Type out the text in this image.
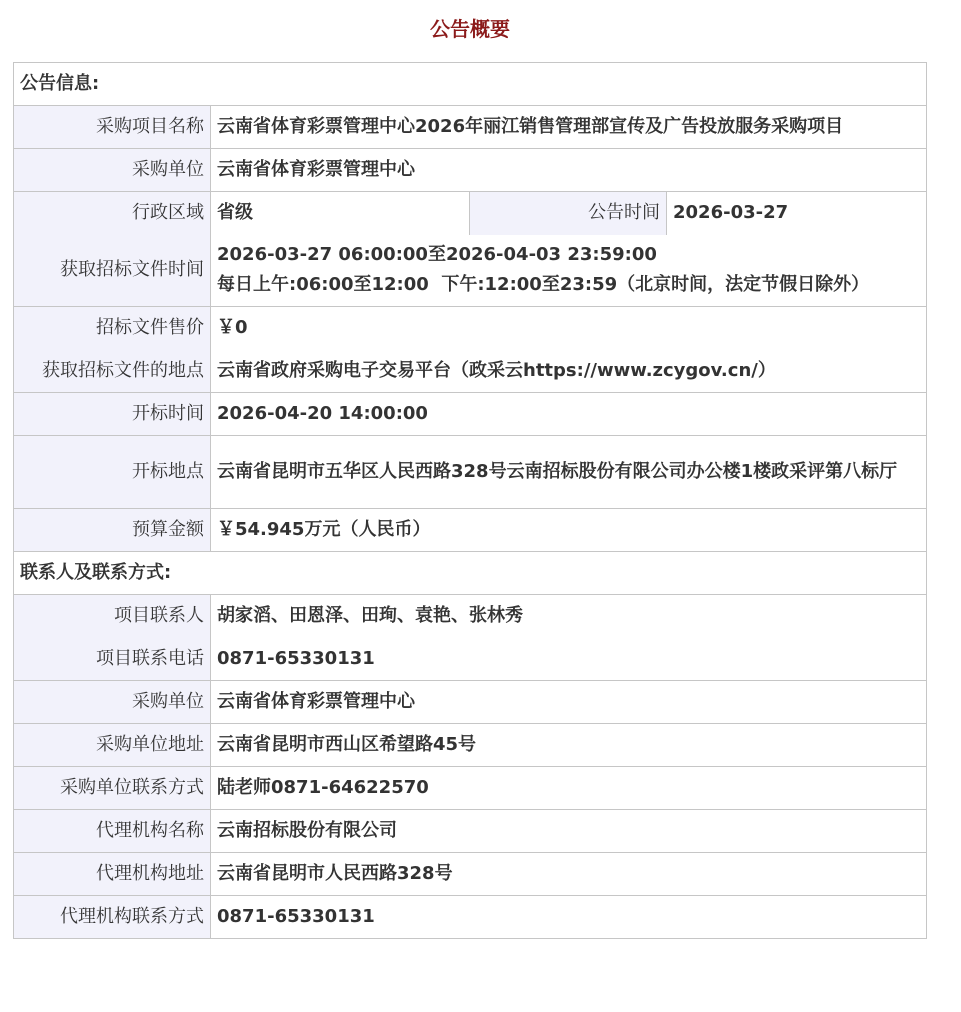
公告概要
公告信息:			
采购项目名称	云南省体育彩票管理中心2026年丽江销售管理部宣传及广告投放服务采购项目		
采购单位	云南省体育彩票管理中心		
行政区域	省级	公告时间	2026-03-27
获取招标文件时间	2026-03-27 06:00:00至2026-04-03 23:59:00
每日上午:06:00至12:00  下午:12:00至23:59（北京时间，法定节假日除外）		

招标文件售价	￥0		
获取招标文件的地点	云南省政府采购电子交易平台（政采云https://www.zcygov.cn/）		
开标时间	2026-04-20 14:00:00		
开标地点	云南省昆明市五华区人民西路328号云南招标股份有限公司办公楼1楼政采评第八标厅		
预算金额	￥54.945万元（人民币）		
联系人及联系方式:			
项目联系人	胡家滔、田恩泽、田珣、袁艳、张林秀		
项目联系电话	0871-65330131		
采购单位	云南省体育彩票管理中心		
采购单位地址	云南省昆明市西山区希望路45号		
采购单位联系方式	陆老师0871-64622570		
代理机构名称	云南招标股份有限公司		
代理机构地址	云南省昆明市人民西路328号		
代理机构联系方式	0871-65330131		
